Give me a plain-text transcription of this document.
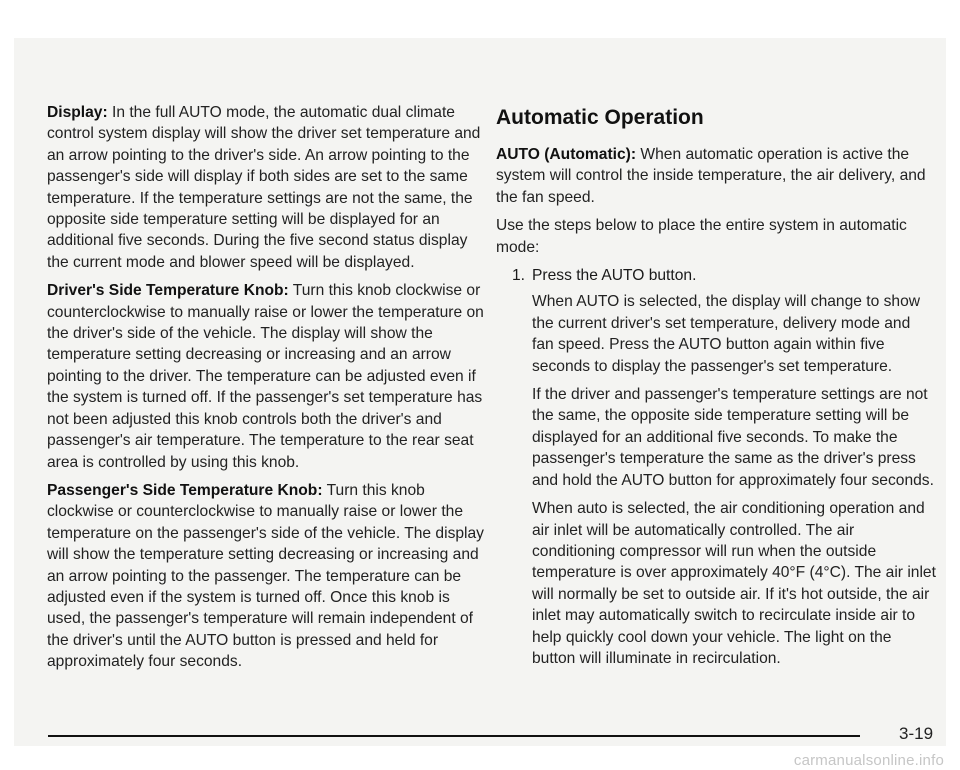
Display: In the full AUTO mode, the automatic dual climate control system display will show the driver set temperature and an arrow pointing to the driver's side. An arrow pointing to the passenger's side will display if both sides are set to the same temperature. If the temperature settings are not the same, the opposite side temperature setting will be displayed for an additional five seconds. During the five second status display the current mode and blower speed will be displayed.

Driver's Side Temperature Knob: Turn this knob clockwise or counterclockwise to manually raise or lower the temperature on the driver's side of the vehicle. The display will show the temperature setting decreasing or increasing and an arrow pointing to the driver. The temperature can be adjusted even if the system is turned off. If the passenger's set temperature has not been adjusted this knob controls both the driver's and passenger's air temperature. The temperature to the rear seat area is controlled by using this knob.

Passenger's Side Temperature Knob: Turn this knob clockwise or counterclockwise to manually raise or lower the temperature on the passenger's side of the vehicle. The display will show the temperature setting decreasing or increasing and an arrow pointing to the passenger. The temperature can be adjusted even if the system is turned off. Once this knob is used, the passenger's temperature will remain independent of the driver's until the AUTO button is pressed and held for approximately four seconds.

Automatic Operation

AUTO (Automatic): When automatic operation is active the system will control the inside temperature, the air delivery, and the fan speed.

Use the steps below to place the entire system in automatic mode:

1. Press the AUTO button.

When AUTO is selected, the display will change to show the current driver's set temperature, delivery mode and fan speed. Press the AUTO button again within five seconds to display the passenger's set temperature.

If the driver and passenger's temperature settings are not the same, the opposite side temperature setting will be displayed for an additional five seconds. To make the passenger's temperature the same as the driver's press and hold the AUTO button for approximately four seconds.

When auto is selected, the air conditioning operation and air inlet will be automatically controlled. The air conditioning compressor will run when the outside temperature is over approximately 40°F (4°C). The air inlet will normally be set to outside air. If it's hot outside, the air inlet may automatically switch to recirculate inside air to help quickly cool down your vehicle. The light on the button will illuminate in recirculation.

3-19
carmanualsonline.info
